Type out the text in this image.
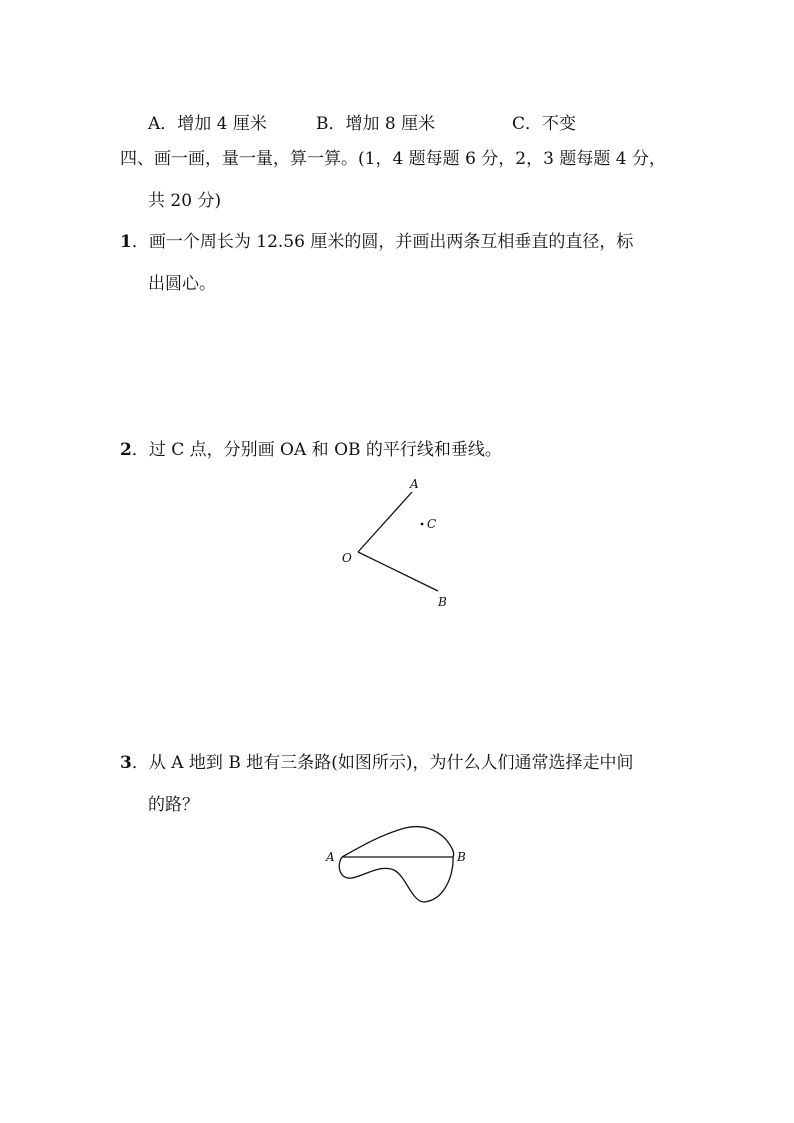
A．增加 4 厘米	B．增加 8 厘米	C．不变
四、画一画，量一量，算一算。(1，4 题每题 6 分，2，3 题每题 4 分，
共 20 分)
1．画一个周长为 12.56 厘米的圆，并画出两条互相垂直的直径，标
出圆心。
2．过 C 点，分别画 OA 和 OB 的平行线和垂线。
A
C
O
B
3．从 A 地到 B 地有三条路(如图所示)，为什么人们通常选择走中间
的路？
A	B
